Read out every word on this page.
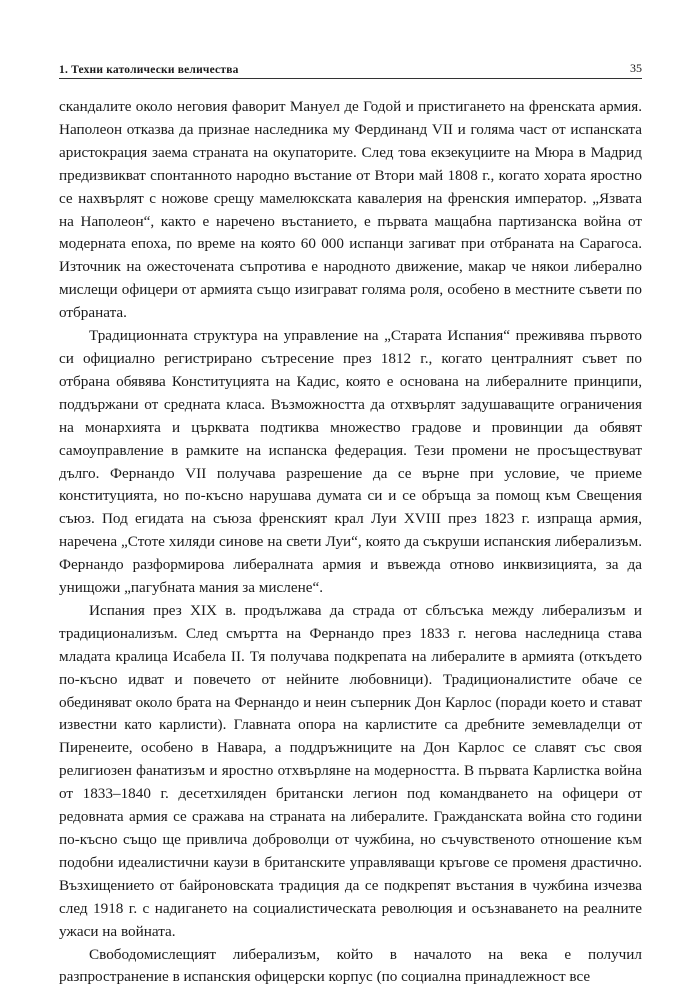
1. Техни католически величества	35

скандалите около неговия фаворит Мануел де Годой и пристигането на френската армия. Наполеон отказва да признае наследника му Фердинанд VII и голяма част от испанската аристокрация заема страната на окупаторите. След това екзекуциите на Мюра в Мадрид предизвикват спонтанното народно въстание от Втори май 1808 г., когато хората яростно се нахвърлят с ножове срещу мамелюкската кавалерия на френския император. „Язвата на Наполеон“, както е наречено въстанието, е първата мащабна партизанска война от модерната епоха, по време на която 60 000 испанци загиват при отбраната на Сарагоса. Източник на ожесточената съпротива е народното движение, макар че някои либерално мислещи офицери от армията също изиграват голяма роля, особено в местните съвети по отбраната.

Традиционната структура на управление на „Старата Испания“ преживява първото си официално регистрирано сътресение през 1812 г., когато централният съвет по отбрана обявява Конституцията на Кадис, която е основана на либералните принципи, поддържани от средната класа. Възможността да отхвърлят задушаващите ограничения на монархията и църквата подтиква множество градове и провинции да обявят самоуправление в рамките на испанска федерация. Тези промени не просъществуват дълго. Фернандо VII получава разрешение да се върне при условие, че приеме конституцията, но по-късно нарушава думата си и се обръща за помощ към Свещения съюз. Под егидата на съюза френският крал Луи XVIII през 1823 г. изпраща армия, наречена „Стоте хиляди синове на свети Луи“, която да съкруши испанския либерализъм. Фернандо разформирова либералната армия и въвежда отново инквизицията, за да унищожи „пагубната мания за мислене“.

Испания през XIX в. продължава да страда от сблъсъка между либерализъм и традиционализъм. След смъртта на Фернандо през 1833 г. негова наследница става младата кралица Исабела II. Тя получава подкрепата на либералите в армията (откъдето по-късно идват и повечето от нейните любовници). Традиционалистите обаче се обединяват около брата на Фернандо и неин съперник Дон Карлос (поради което и стават известни като карлисти). Главната опора на карлистите са дребните земевладелци от Пиренеите, особено в Навара, а поддръжниците на Дон Карлос се славят със своя религиозен фанатизъм и яростно отхвърляне на модерността. В първата Карлистка война от 1833–1840 г. десетхиляден британски легион под командването на офицери от редовната армия се сражава на страната на либералите. Гражданската война сто години по-късно също ще привлича доброволци от чужбина, но съчувственото отношение към подобни идеалистични каузи в британските управляващи кръгове се променя драстично. Възхищението от байроновската традиция да се подкрепят въстания в чужбина изчезва след 1918 г. с надигането на социалистическата революция и осъзнаването на реалните ужаси на войната.

Свободомислещият либерализъм, който в началото на века е получил разпространение в испанския офицерски корпус (по социална принадлежност все
